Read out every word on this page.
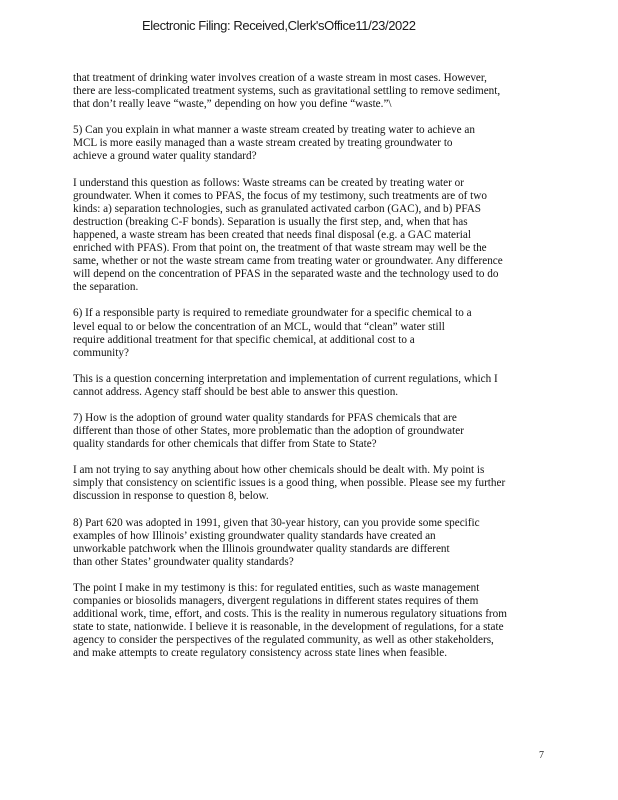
Electronic Filing: Received,Clerk'sOffice11/23/2022
that treatment of drinking water involves creation of a waste stream in most cases. However,
there are less-complicated treatment systems, such as gravitational settling to remove sediment,
that don’t really leave “waste,” depending on how you define “waste.”\
5) Can you explain in what manner a waste stream created by treating water to achieve an
MCL is more easily managed than a waste stream created by treating groundwater to
achieve a ground water quality standard?
I understand this question as follows: Waste streams can be created by treating water or
groundwater. When it comes to PFAS, the focus of my testimony, such treatments are of two
kinds: a) separation technologies, such as granulated activated carbon (GAC), and b) PFAS
destruction (breaking C-F bonds). Separation is usually the first step, and, when that has
happened, a waste stream has been created that needs final disposal (e.g. a GAC material
enriched with PFAS). From that point on, the treatment of that waste stream may well be the
same, whether or not the waste stream came from treating water or groundwater. Any difference
will depend on the concentration of PFAS in the separated waste and the technology used to do
the separation.
6) If a responsible party is required to remediate groundwater for a specific chemical to a
level equal to or below the concentration of an MCL, would that “clean” water still
require additional treatment for that specific chemical, at additional cost to a
community?
This is a question concerning interpretation and implementation of current regulations, which I
cannot address. Agency staff should be best able to answer this question.
7) How is the adoption of ground water quality standards for PFAS chemicals that are
different than those of other States, more problematic than the adoption of groundwater
quality standards for other chemicals that differ from State to State?
I am not trying to say anything about how other chemicals should be dealt with. My point is
simply that consistency on scientific issues is a good thing, when possible. Please see my further
discussion in response to question 8, below.
8) Part 620 was adopted in 1991, given that 30-year history, can you provide some specific
examples of how Illinois’ existing groundwater quality standards have created an
unworkable patchwork when the Illinois groundwater quality standards are different
than other States’ groundwater quality standards?
The point I make in my testimony is this: for regulated entities, such as waste management
companies or biosolids managers, divergent regulations in different states requires of them
additional work, time, effort, and costs. This is the reality in numerous regulatory situations from
state to state, nationwide. I believe it is reasonable, in the development of regulations, for a state
agency to consider the perspectives of the regulated community, as well as other stakeholders,
and make attempts to create regulatory consistency across state lines when feasible.
7
